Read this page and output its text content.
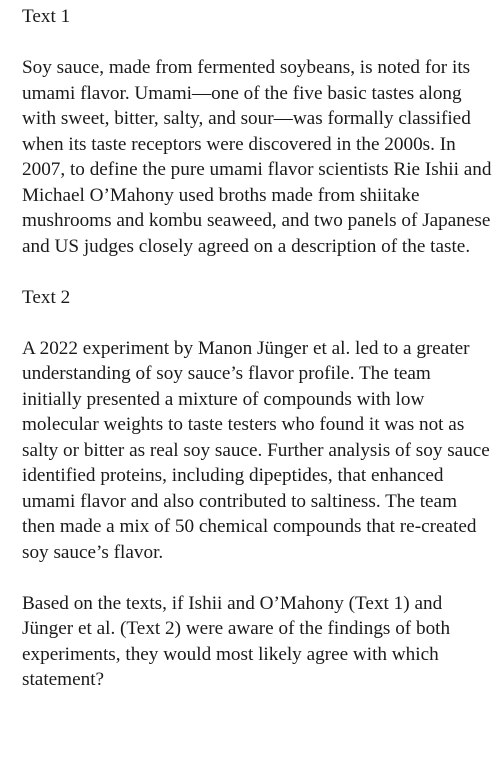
Text 1
Soy sauce, made from fermented soybeans, is noted for its umami flavor. Umami—one of the five basic tastes along with sweet, bitter, salty, and sour—was formally classified when its taste receptors were discovered in the 2000s. In 2007, to define the pure umami flavor scientists Rie Ishii and Michael O’Mahony used broths made from shiitake mushrooms and kombu seaweed, and two panels of Japanese and US judges closely agreed on a description of the taste.
Text 2
A 2022 experiment by Manon Jünger et al. led to a greater understanding of soy sauce’s flavor profile. The team initially presented a mixture of compounds with low molecular weights to taste testers who found it was not as salty or bitter as real soy sauce. Further analysis of soy sauce identified proteins, including dipeptides, that enhanced umami flavor and also contributed to saltiness. The team then made a mix of 50 chemical compounds that re-created soy sauce’s flavor.
Based on the texts, if Ishii and O’Mahony (Text 1) and Jünger et al. (Text 2) were aware of the findings of both experiments, they would most likely agree with which statement?
